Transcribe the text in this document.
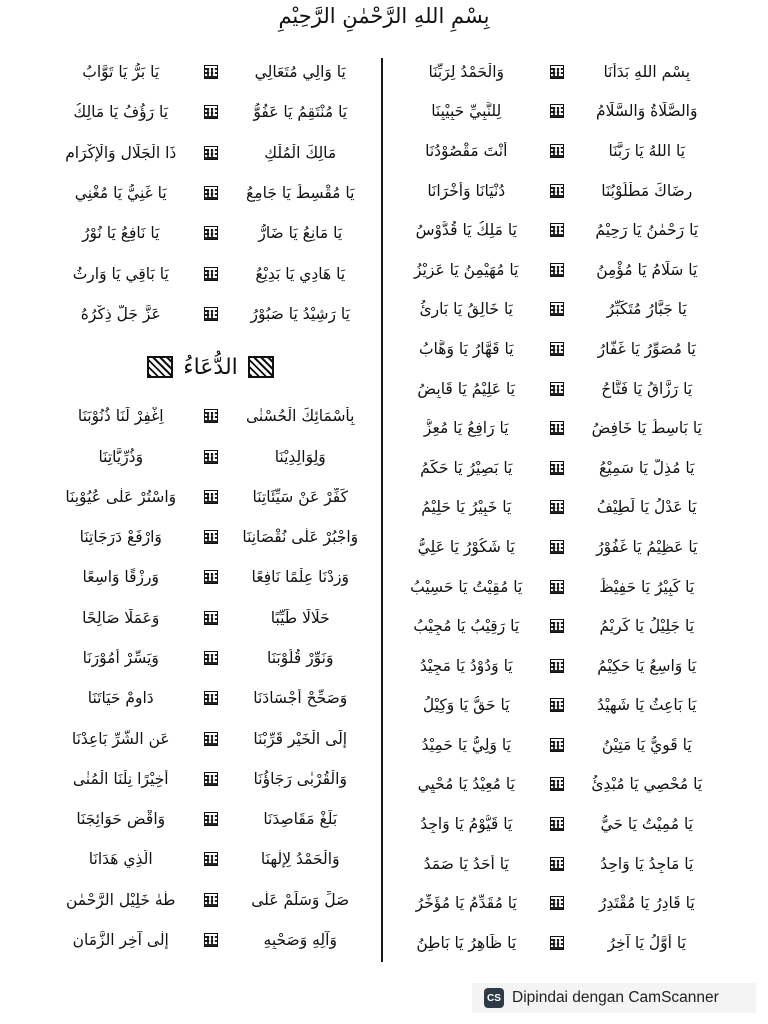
بِسْمِ اللهِ الرَّحْمٰنِ الرَّحِيْمِ
بِسْمِ اللهِ بَدَأْنَا
وَالْحَمْدُ لِرَبِّنَا
وَالصَّلَاةُ وَالسَّلَامُ
لِلنَّبِيِّ حَبِيْبِنَا
يَا اللهُ يَا رَبَّنَا
أَنْتَ مَقْصُوْدُنَا
رِضَاكَ مَطْلُوْبُنَا
دُنْيَانَا وَأُخْرَانَا
يَا رَحْمٰنُ يَا رَحِيْمُ
يَا مَلِكُ يَا قُدُّوْسُ
يَا سَلَامُ يَا مُؤْمِنُ
يَا مُهَيْمِنُ يَا عَزِيْزُ
يَا جَبَّارُ مُتَكَبِّرُ
يَا خَالِقُ يَا بَارِئُ
يَا مُصَوِّرُ يَا غَفَّارُ
يَا قَهَّارُ يَا وَهَّابُ
يَا رَزَّاقُ يَا فَتَّاحُ
يَا عَلِيْمُ يَا قَابِضُ
يَا بَاسِطُ يَا خَافِضُ
يَا رَافِعُ يَا مُعِزُّ
يَا مُذِلُّ يَا سَمِيْعُ
يَا بَصِيْرُ يَا حَكَمُ
يَا عَدْلُ يَا لَطِيْفُ
يَا خَبِيْرُ يَا حَلِيْمُ
يَا عَظِيْمُ يَا غَفُوْرُ
يَا شَكُوْرُ يَا عَلِيُّ
يَا كَبِيْرُ يَا حَفِيْظُ
يَا مُقِيْتُ يَا حَسِيْبُ
يَا جَلِيْلُ يَا كَرِيْمُ
يَا رَقِيْبُ يَا مُجِيْبُ
يَا وَاسِعُ يَا حَكِيْمُ
يَا وَدُوْدُ يَا مَجِيْدُ
يَا بَاعِثُ يَا شَهِيْدُ
يَا حَقُّ يَا وَكِيْلُ
يَا قَوِيُّ يَا مَتِيْنُ
يَا وَلِيُّ يَا حَمِيْدُ
يَا مُحْصِي يَا مُبْدِئُ
يَا مُعِيْدُ يَا مُحْيِي
يَا مُمِيْتُ يَا حَيُّ
يَا قَيُّوْمُ يَا وَاجِدُ
يَا مَاجِدُ يَا وَاحِدُ
يَا أَحَدُ يَا صَمَدُ
يَا قَادِرُ يَا مُقْتَدِرُ
يَا مُقَدِّمُ يَا مُؤَخِّرُ
يَا أَوَّلُ يَا آخِرُ
يَا ظَاهِرُ يَا بَاطِنُ
يَا وَالِي مُتَعَالِي
يَا بَرُّ يَا تَوَّابُ
يَا مُنْتَقِمُ يَا عَفُوُّ
يَا رَؤُفُ يَا مَالِكُ
مَالِكَ الْمُلْكِ
ذَا الْجَلَالِ وَالْإِكْرَامِ
يَا مُقْسِطُ يَا جَامِعُ
يَا غَنِيُّ يَا مُغْنِي
يَا مَانِعُ يَا ضَارُّ
يَا نَافِعُ يَا نُوْرُ
يَا هَادِي يَا بَدِيْعُ
يَا بَاقِي يَا وَارِثُ
يَا رَشِيْدُ يَا صَبُوْرُ
عَزَّ جَلَّ ذِكْرُهُ
الدُّعَاءُ
بِأَسْمَائِكَ الْحُسْنٰى
اِغْفِرْ لَنَا ذُنُوْبَنَا
وَلِوَالِدِيْنَا
وَذُرِّيَّاتِنَا
كَفِّرْ عَنْ سَيِّئَاتِنَا
وَاسْتُرْ عَلٰى عُيُوْبِنَا
وَاجْبُرْ عَلٰى نُقْصَانِنَا
وَارْفَعْ دَرَجَاتِنَا
وَزِدْنَا عِلْمًا نَافِعًا
وَرِزْقًا وَاسِعًا
حَلَالًا طَيِّبًا
وَعَمَلًا صَالِحًا
وَنَوِّرْ قُلُوْبَنَا
وَيَسِّرْ أُمُوْرَنَا
وَصَحِّحْ أَجْسَادَنَا
دَاوِمْ حَيَاتَنَا
إِلَى الْخَيْرِ قَرِّبْنَا
عَنِ الشَّرِّ بَاعِدْنَا
وَالْقُرْبٰى رَجَاؤُنَا
أَخِيْرًا نِلْنَا الْمُنٰى
بَلِّغْ مَقَاصِدَنَا
وَاقْضِ حَوَائِجَنَا
وَالْحَمْدُ لِإِلٰهِنَا
الَّذِي هَدَانَا
صَلِّ وَسَلِّمْ عَلٰى
طٰهٰ خَلِيْلِ الرَّحْمٰنِ
وَآلِهِ وَصَحْبِهِ
إِلٰى آخِرِ الزَّمَانِ
CS Dipindai dengan CamScanner
